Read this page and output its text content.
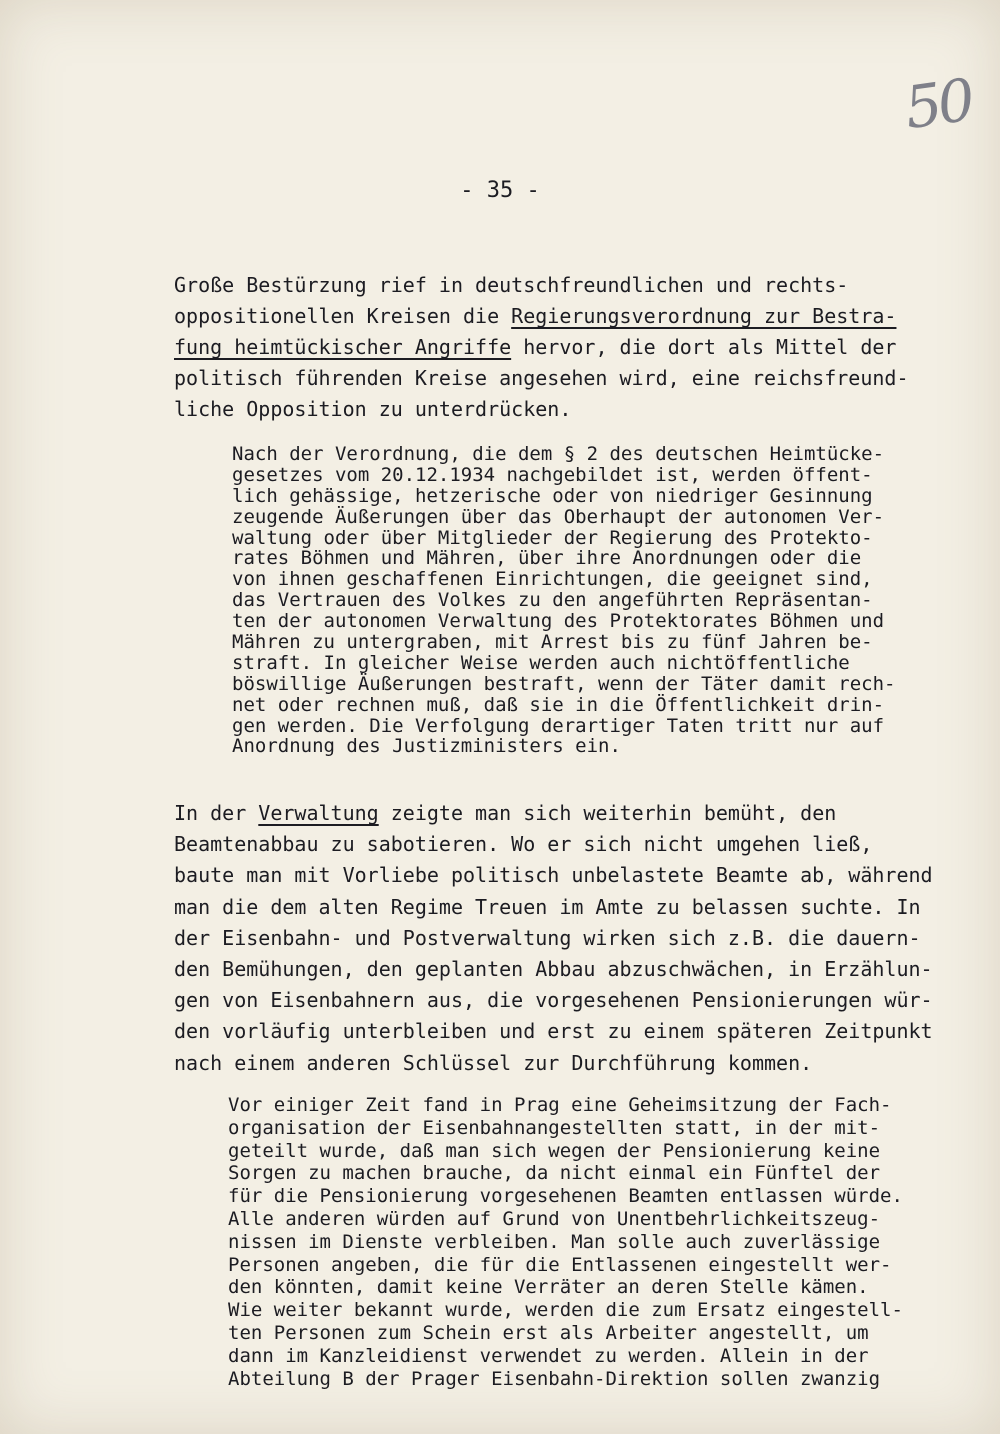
50
- 35 -
Große Bestürzung rief in deutschfreundlichen und rechts-
oppositionellen Kreisen die Regierungsverordnung zur Bestra-
fung heimtückischer Angriffe hervor, die dort als Mittel der
politisch führenden Kreise angesehen wird, eine reichsfreund-
liche Opposition zu unterdrücken.
Nach der Verordnung, die dem § 2 des deutschen Heimtücke-
gesetzes vom 20.12.1934 nachgebildet ist, werden öffent-
lich gehässige, hetzerische oder von niedriger Gesinnung
zeugende Äußerungen über das Oberhaupt der autonomen Ver-
waltung oder über Mitglieder der Regierung des Protekto-
rates Böhmen und Mähren, über ihre Anordnungen oder die
von ihnen geschaffenen Einrichtungen, die geeignet sind,
das Vertrauen des Volkes zu den angeführten Repräsentan-
ten der autonomen Verwaltung des Protektorates Böhmen und
Mähren zu untergraben, mit Arrest bis zu fünf Jahren be-
straft. In gleicher Weise werden auch nichtöffentliche
böswillige Äußerungen bestraft, wenn der Täter damit rech-
net oder rechnen muß, daß sie in die Öffentlichkeit drin-
gen werden. Die Verfolgung derartiger Taten tritt nur auf
Anordnung des Justizministers ein.
In der Verwaltung zeigte man sich weiterhin bemüht, den
Beamtenabbau zu sabotieren. Wo er sich nicht umgehen ließ,
baute man mit Vorliebe politisch unbelastete Beamte ab, während
man die dem alten Regime Treuen im Amte zu belassen suchte. In
der Eisenbahn- und Postverwaltung wirken sich z.B. die dauern-
den Bemühungen, den geplanten Abbau abzuschwächen, in Erzählun-
gen von Eisenbahnern aus, die vorgesehenen Pensionierungen wür-
den vorläufig unterbleiben und erst zu einem späteren Zeitpunkt
nach einem anderen Schlüssel zur Durchführung kommen.
Vor einiger Zeit fand in Prag eine Geheimsitzung der Fach-
organisation der Eisenbahnangestellten statt, in der mit-
geteilt wurde, daß man sich wegen der Pensionierung keine
Sorgen zu machen brauche, da nicht einmal ein Fünftel der
für die Pensionierung vorgesehenen Beamten entlassen würde.
Alle anderen würden auf Grund von Unentbehrlichkeitszeug-
nissen im Dienste verbleiben. Man solle auch zuverlässige
Personen angeben, die für die Entlassenen eingestellt wer-
den könnten, damit keine Verräter an deren Stelle kämen.
Wie weiter bekannt wurde, werden die zum Ersatz eingestell-
ten Personen zum Schein erst als Arbeiter angestellt, um
dann im Kanzleidienst verwendet zu werden. Allein in der
Abteilung B der Prager Eisenbahn-Direktion sollen zwanzig
